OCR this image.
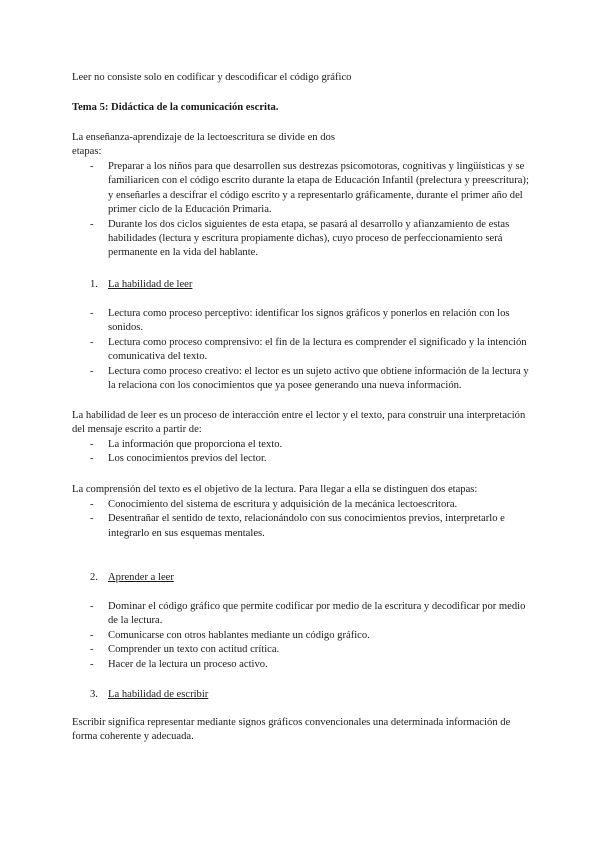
Leer no consiste solo en codificar y descodificar el código gráfico

Tema 5: Didáctica de la comunicación escrita.

La enseñanza-aprendizaje de la lectoescritura se divide en dos

etapas:

- Preparar a los niños para que desarrollen sus destrezas psicomotoras, cognitivas y lingüísticas y se familiaricen con el código escrito durante la etapa de Educación Infantil (prelectura y preescritura); y enseñarles a descifrar el código escrito y a representarlo gráficamente, durante el primer año del primer ciclo de la Educación Primaria.
- Durante los dos ciclos siguientes de esta etapa, se pasará al desarrollo y afianzamiento de estas habilidades (lectura y escritura propiamente dichas), cuyo proceso de perfeccionamiento será permanente en la vida del hablante.
1. La habilidad de leer
- Lectura como proceso perceptivo: identificar los signos gráficos y ponerlos en relación con los sonidos.
- Lectura como proceso comprensivo: el fin de la lectura es comprender el significado y la intención comunicativa del texto.
- Lectura como proceso creativo: el lector es un sujeto activo que obtiene información de la lectura y la relaciona con los conocimientos que ya posee generando una nueva información.

La habilidad de leer es un proceso de interacción entre el lector y el texto, para construir una interpretación del mensaje escrito a partir de:

- La información que proporciona el texto.
- Los conocimientos previos del lector.

La comprensión del texto es el objetivo de la lectura. Para llegar a ella se distinguen dos etapas:

- Conocimiento del sistema de escritura y adquisición de la mecánica lectoescritora.
- Desentrañar el sentido de texto, relacionándolo con sus conocimientos previos, interpretarlo e integrarlo en sus esquemas mentales.
2. Aprender a leer
- Dominar el código gráfico que permite codificar por medio de la escritura y decodificar por medio de la lectura.
- Comunicarse con otros hablantes mediante un código gráfico.
- Comprender un texto con actitud crítica.
- Hacer de la lectura un proceso activo.
3. La habilidad de escribir

Escribir significa representar mediante signos gráficos convencionales una determinada información de forma coherente y adecuada.
